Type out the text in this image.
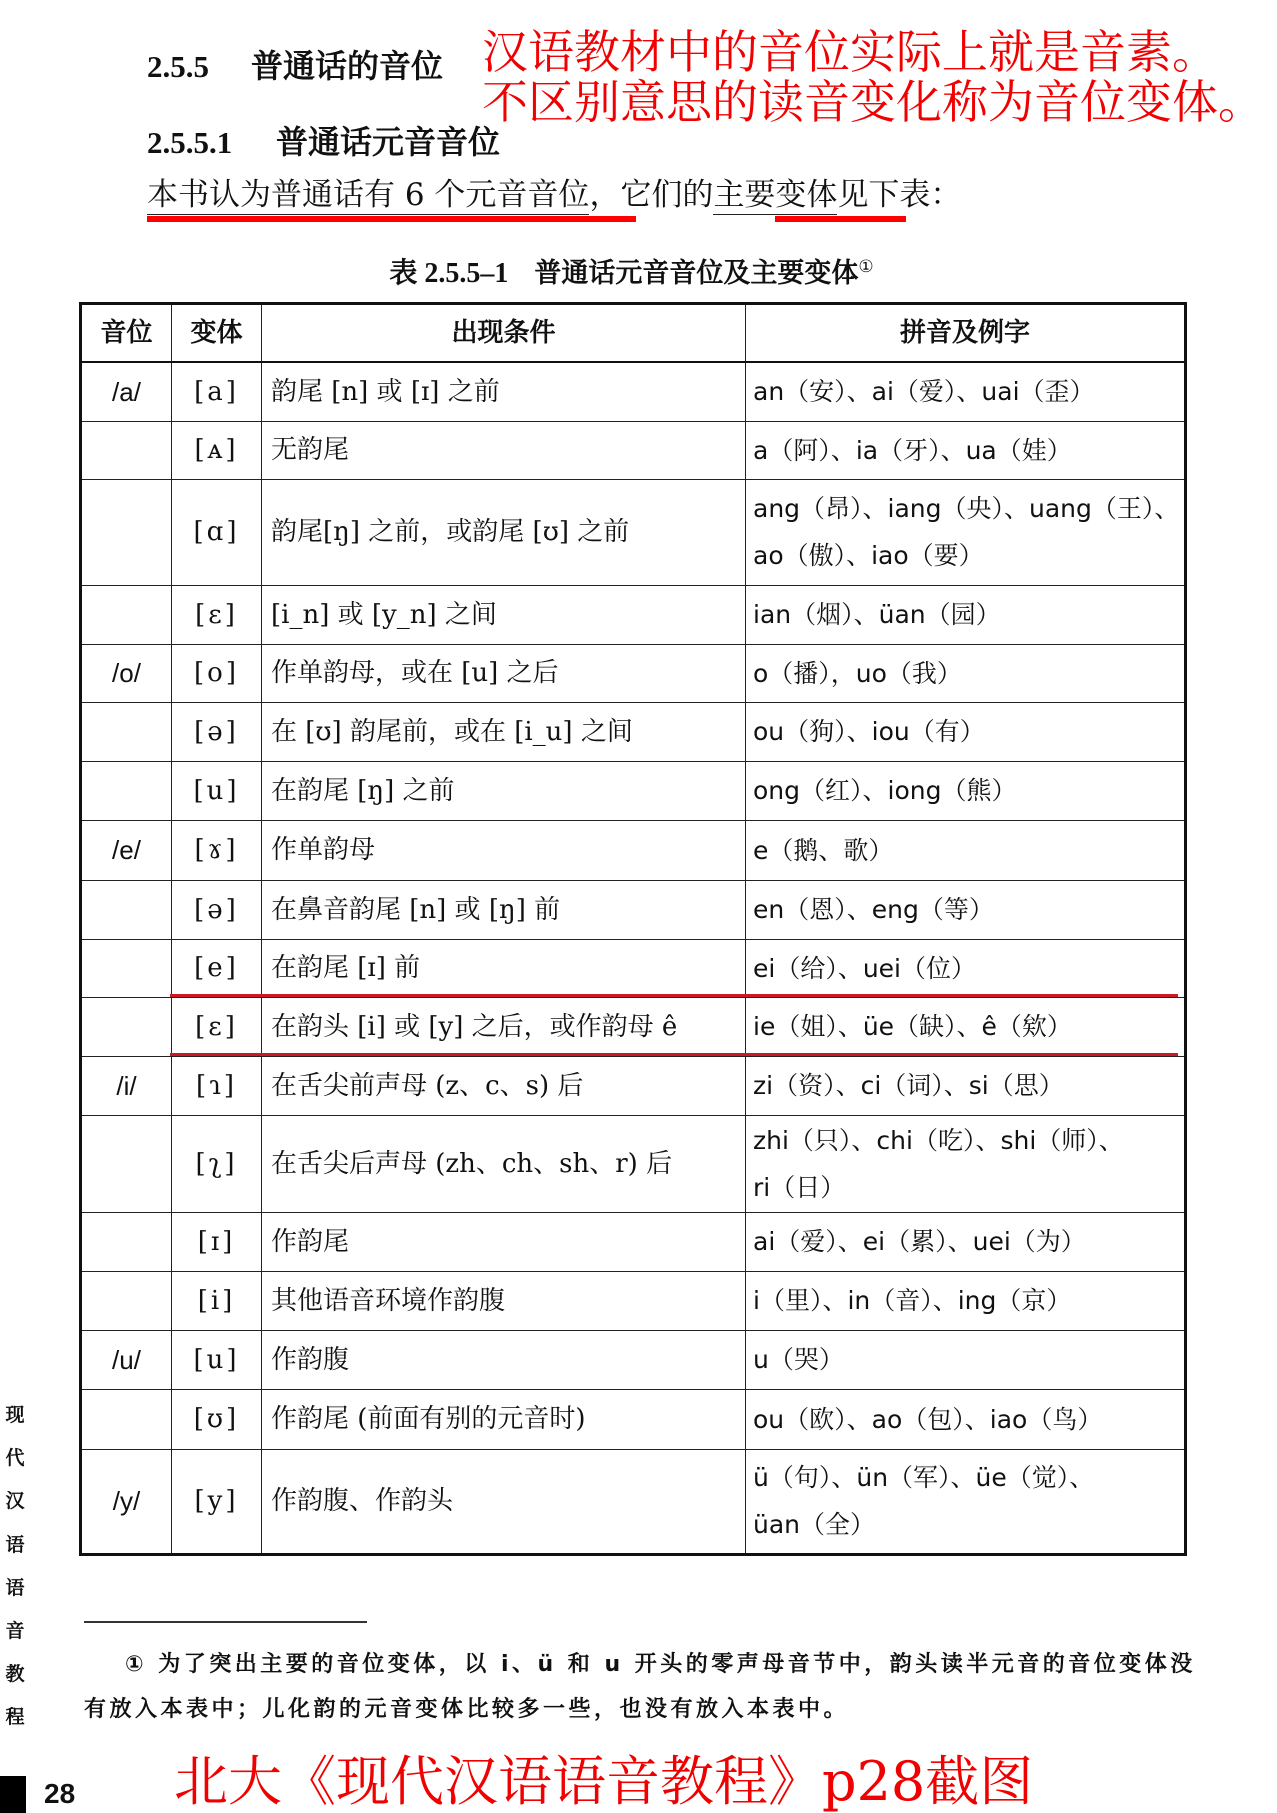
2.5.5 普通话的音位 汉语教材中的音位实际上就是音素。
不区别意思的读音变化称为音位变体。
2.5.5.1 普通话元音音位
本书认为普通话有 6 个元音音位，它们的主要变体见下表：
表 2.5.5–1 普通话元音音位及主要变体①
音位	变体	出现条件	拼音及例字
/a/	[a]	韵尾 [n] 或 [ɪ] 之前	an（安）、ai（爱）、uai（歪）

	[ᴀ]	无韵尾	a（阿）、ia（牙）、ua（娃）

	[ɑ]	韵尾[ŋ] 之前，或韵尾 [ʊ] 之前	ang（昂）、iang（央）、uang（王）、
ao（傲）、iao（要）

	[ɛ]	[i_n] 或 [y_n] 之间	ian（烟）、üan（园）

/o/	[o]	作单韵母，或在 [u] 之后	o（播），uo（我）

	[ə]	在 [ʊ] 韵尾前，或在 [i_u] 之间	ou（狗）、iou（有）

	[u]	在韵尾 [ŋ] 之前	ong（红）、iong（熊）

/e/	[ɤ]	作单韵母	e（鹅、歌）

	[ə]	在鼻音韵尾 [n] 或 [ŋ] 前	en（恩）、eng（等）

	[e]	在韵尾 [ɪ] 前	ei（给）、uei（位）

	[ɛ]	在韵头 [i] 或 [y] 之后，或作韵母 ê	ie（姐）、üe（缺）、ê（欸）

/i/	[ɿ]	在舌尖前声母 (z、c、s) 后	zi（资）、ci（词）、si（思）

	[ʅ]	在舌尖后声母 (zh、ch、sh、r) 后	zhi（只）、chi（吃）、shi（师）、
ri（日）

	[ɪ]	作韵尾	ai（爱）、ei（累）、uei（为）

	[i]	其他语音环境作韵腹	i（里）、in（音）、ing（京）

/u/	[u]	作韵腹	u（哭）

	[ʊ]	作韵尾 (前面有别的元音时)	ou（欧）、ao（包）、iao（鸟）

/y/	[y]	作韵腹、作韵头	ü（句）、ün（军）、üe（觉）、
üan（全）
① 为了突出主要的音位变体，以 i、ü 和 u 开头的零声母音节中，韵头读半元音的音位变体没
有放入本表中；儿化韵的元音变体比较多一些，也没有放入本表中。
现
代
汉
语
语
音
教
程
28 北大《现代汉语语音教程》p28截图
